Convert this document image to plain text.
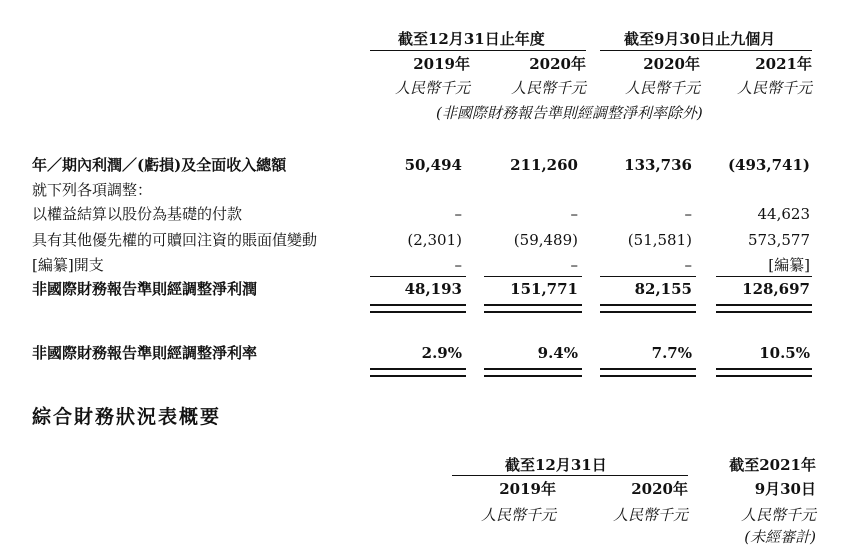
截至12月31日止年度	截至9月30日止九個月
2019年	2020年	2020年	2021年
人民幣千元	人民幣千元	人民幣千元	人民幣千元
(非國際財務報告準則經調整淨利率除外)
年／期內利潤／(虧損)及全面收入總額	50,494	211,260	133,736	(493,741)
就下列各項調整：
以權益結算以股份為基礎的付款	–	–	–	44,623
具有其他優先權的可贖回注資的賬面值變動	(2,301)	(59,489)	(51,581)	573,577
[編纂]開支	–	–	–	[編纂]
非國際財務報告準則經調整淨利潤	48,193	151,771	82,155	128,697
非國際財務報告準則經調整淨利率	2.9%	9.4%	7.7%	10.5%
綜合財務狀況表概要
截至12月31日	截至2021年
2019年	2020年	9月30日
人民幣千元	人民幣千元	人民幣千元
(未經審計)
